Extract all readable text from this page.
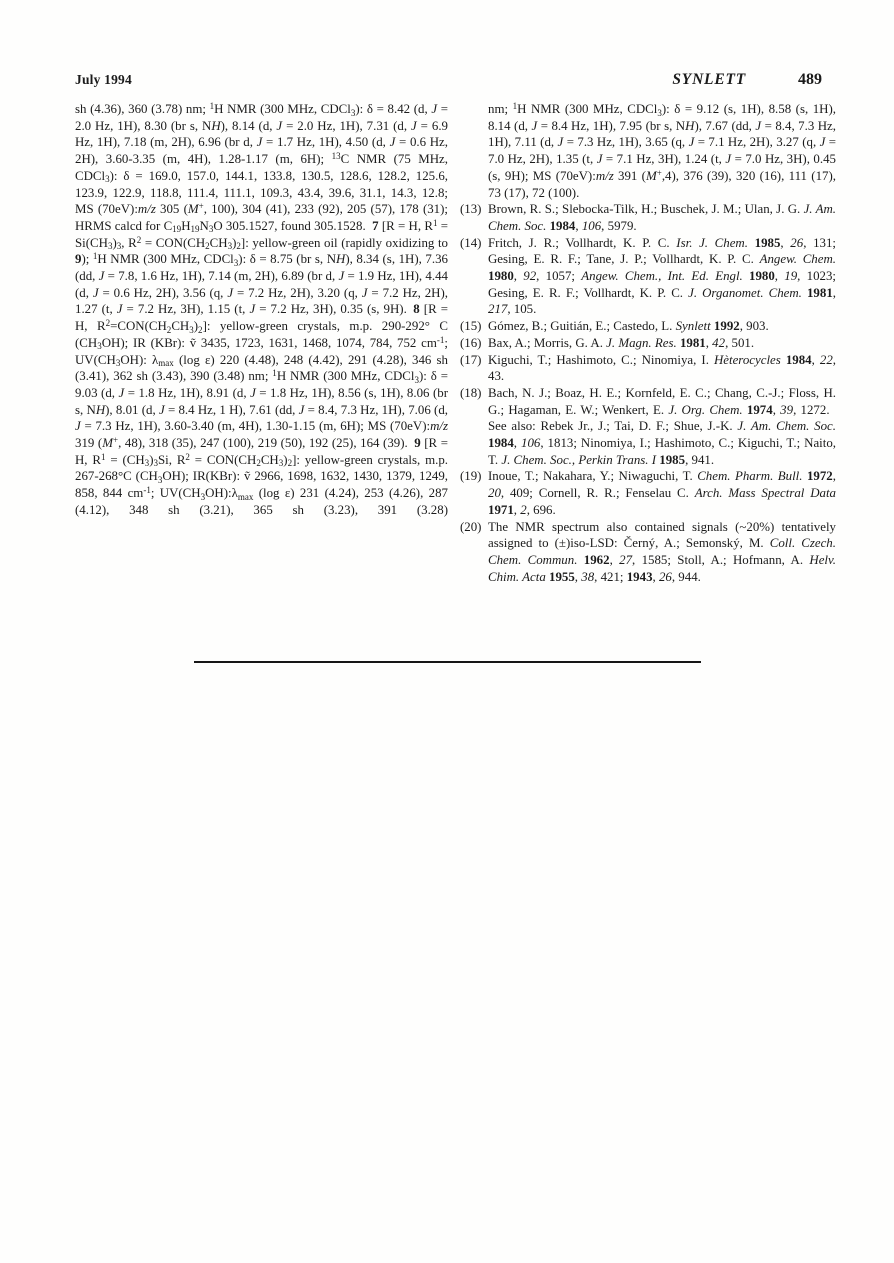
July 1994	SYNLETT	489

sh (4.36), 360 (3.78) nm; $^1$H NMR (300 MHz, CDCl$_3$): δ = 8.42 (d, J = 2.0 Hz, 1H), 8.30 (br s, NH), 8.14 (d, J = 2.0 Hz, 1H), 7.31 (d, J = 6.9 Hz, 1H), 7.18 (m, 2H), 6.96 (br d, J = 1.7 Hz, 1H), 4.50 (d, J = 0.6 Hz, 2H), 3.60-3.35 (m, 4H), 1.28-1.17 (m, 6H); $^{13}$C NMR (75 MHz, CDCl$_3$): δ = 169.0, 157.0, 144.1, 133.8, 130.5, 128.6, 128.2, 125.6, 123.9, 122.9, 118.8, 111.4, 111.1, 109.3, 43.4, 39.6, 31.1, 14.3, 12.8; MS (70eV):m/z 305 (M+, 100), 304 (41), 233 (92), 205 (57), 178 (31); HRMS calcd for $C_{19}H_{19}N_3O$ 305.1527, found 305.1528. 7 [R = H, $R^1 = Si(CH_3)_3$, $R^2 = CON(CH_2CH_3)_2$]: yellow-green oil (rapidly oxidizing to 9); $^1$H NMR (300 MHz, CDCl$_3$): δ = 8.75 (br s, NH), 8.34 (s, 1H), 7.36 (dd, J = 7.8, 1.6 Hz, 1H), 7.14 (m, 2H), 6.89 (br d, J = 1.9 Hz, 1H), 4.44 (d, J = 0.6 Hz, 2H), 3.56 (q, J = 7.2 Hz, 2H), 3.20 (q, J = 7.2 Hz, 2H), 1.27 (t, J = 7.2 Hz, 3H), 1.15 (t, J = 7.2 Hz, 3H), 0.35 (s, 9H). 8 [R = H, $R^2=CON(CH_2CH_3)_2$]: yellow-green crystals, m.p. 290-292° C $(CH_3OH)$; IR (KBr): ṽ 3435, 1723, 1631, 1468, 1074, 784, 752 $cm^{-1}$; $UV(CH_3OH)$: $\lambda_{max}$ (log ε) 220 (4.48), 248 (4.42), 291 (4.28), 346 sh (3.41), 362 sh (3.43), 390 (3.48) nm; $^1$H NMR (300 MHz, CDCl$_3$): δ = 9.03 (d, J = 1.8 Hz, 1H), 8.91 (d, J = 1.8 Hz, 1H), 8.56 (s, 1H), 8.06 (br s, NH), 8.01 (d, J = 8.4 Hz, 1 H), 7.61 (dd, J = 8.4, 7.3 Hz, 1H), 7.06 (d, J = 7.3 Hz, 1H), 3.60-3.40 (m, 4H), 1.30-1.15 (m, 6H); MS (70eV):m/z 319 (M+, 48), 318 (35), 247 (100), 219 (50), 192 (25), 164 (39). 9 [R = H, $R^1 = (CH_3)_3Si$, $R^2 = CON(CH_2CH_3)_2$]: yellow-green crystals, m.p. 267-268°C $(CH_3OH)$; IR(KBr): ṽ 2966, 1698, 1632, 1430, 1379, 1249, 858, 844 $cm^{-1}$; $UV(CH_3OH):\lambda_{max}$ (log ε) 231 (4.24), 253 (4.26), 287 (4.12), 348 sh (3.21), 365 sh (3.23), 391 (3.28)

nm; $^1$H NMR (300 MHz, CDCl$_3$): δ = 9.12 (s, 1H), 8.58 (s, 1H), 8.14 (d, J = 8.4 Hz, 1H), 7.95 (br s, NH), 7.67 (dd, J = 8.4, 7.3 Hz, 1H), 7.11 (d, J = 7.3 Hz, 1H), 3.65 (q, J = 7.1 Hz, 2H), 3.27 (q, J = 7.0 Hz, 2H), 1.35 (t, J = 7.1 Hz, 3H), 1.24 (t, J = 7.0 Hz, 3H), 0.45 (s, 9H); MS (70eV):m/z 391 (M+,4), 376 (39), 320 (16), 111 (17), 73 (17), 72 (100).

(13) Brown, R. S.; Slebocka-Tilk, H.; Buschek, J. M.; Ulan, J. G. J. Am. Chem. Soc. 1984, 106, 5979.

(14) Fritch, J. R.; Vollhardt, K. P. C. Isr. J. Chem. 1985, 26, 131; Gesing, E. R. F.; Tane, J. P.; Vollhardt, K. P. C. Angew. Chem. 1980, 92, 1057; Angew. Chem., Int. Ed. Engl. 1980, 19, 1023; Gesing, E. R. F.; Vollhardt, K. P. C. J. Organomet. Chem. 1981, 217, 105.

(15) Gómez, B.; Guitián, E.; Castedo, L. Synlett 1992, 903.

(16) Bax, A.; Morris, G. A. J. Magn. Res. 1981, 42, 501.

(17) Kiguchi, T.; Hashimoto, C.; Ninomiya, I. Hèterocycles 1984, 22, 43.

(18) Bach, N. J.; Boaz, H. E.; Kornfeld, E. C.; Chang, C.-J.; Floss, H. G.; Hagaman, E. W.; Wenkert, E. J. Org. Chem. 1974, 39, 1272. See also: Rebek Jr., J.; Tai, D. F.; Shue, J.-K. J. Am. Chem. Soc. 1984, 106, 1813; Ninomiya, I.; Hashimoto, C.; Kiguchi, T.; Naito, T. J. Chem. Soc., Perkin Trans. I 1985, 941.

(19) Inoue, T.; Nakahara, Y.; Niwaguchi, T. Chem. Pharm. Bull. 1972, 20, 409; Cornell, R. R.; Fenselau C. Arch. Mass Spectral Data 1971, 2, 696.

(20) The NMR spectrum also contained signals (~20%) tentatively assigned to (±)iso-LSD: Černý, A.; Semonský, M. Coll. Czech. Chem. Commun. 1962, 27, 1585; Stoll, A.; Hofmann, A. Helv. Chim. Acta 1955, 38, 421; 1943, 26, 944.
